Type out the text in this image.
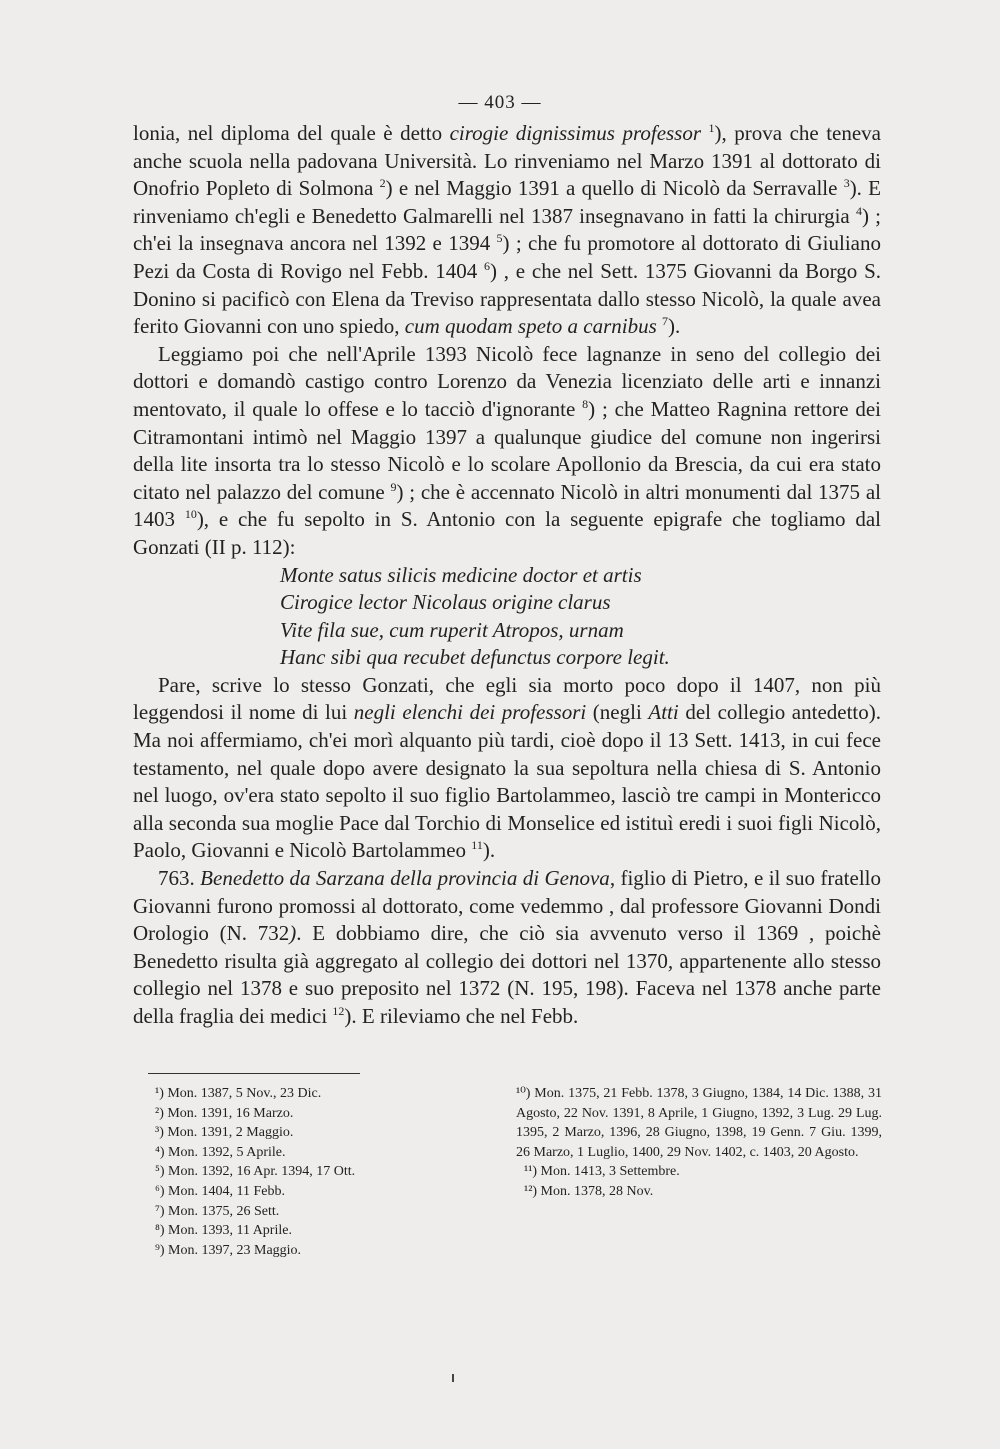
— 403 —

lonia, nel diploma del quale è detto cirogie dignissimus professor $^1$), prova che teneva anche scuola nella padovana Università. Lo rinveniamo nel Marzo 1391 al dottorato di Onofrio Popleto di Solmona $^2$) e nel Maggio 1391 a quello di Nicolò da Serravalle $^3$). E rinveniamo ch'egli e Benedetto Galmarelli nel 1387 insegnavano in fatti la chirurgia $^4$) ; ch'ei la insegnava ancora nel 1392 e 1394 $^5$) ; che fu promotore al dottorato di Giuliano Pezi da Costa di Rovigo nel Febb. 1404 $^6$) , e che nel Sett. 1375 Giovanni da Borgo S. Donino si pacificò con Elena da Treviso rappresentata dallo stesso Nicolò, la quale avea ferito Giovanni con uno spiedo, cum quodam speto a carnibus $^7$).

Leggiamo poi che nell'Aprile 1393 Nicolò fece lagnanze in seno del collegio dei dottori e domandò castigo contro Lorenzo da Venezia licenziato delle arti e innanzi mentovato, il quale lo offese e lo tacciò d'ignorante $^8$) ; che Matteo Ragnina rettore dei Citramontani intimò nel Maggio 1397 a qualunque giudice del comune non ingerirsi della lite insorta tra lo stesso Nicolò e lo scolare Apollonio da Brescia, da cui era stato citato nel palazzo del comune $^9$) ; che è accennato Nicolò in altri monumenti dal 1375 al 1403 $^{10}$), e che fu sepolto in S. Antonio con la seguente epigrafe che togliamo dal Gonzati (II p. 112):

Monte satus silicis medicine doctor et artis
Cirogice lector Nicolaus origine clarus
Vite fila sue, cum ruperit Atropos, urnam
Hanc sibi qua recubet defunctus corpore legit.

Pare, scrive lo stesso Gonzati, che egli sia morto poco dopo il 1407, non più leggendosi il nome di lui negli elenchi dei professori (negli Atti del collegio antedetto). Ma noi affermiamo, ch'ei morì alquanto più tardi, cioè dopo il 13 Sett. 1413, in cui fece testamento, nel quale dopo avere designato la sua sepoltura nella chiesa di S. Antonio nel luogo, ov'era stato sepolto il suo figlio Bartolammeo, lasciò tre campi in Montericco alla seconda sua moglie Pace dal Torchio di Monselice ed istituì eredi i suoi figli Nicolò, Paolo, Giovanni e Nicolò Bartolammeo $^{11}$).

763. Benedetto da Sarzana della provincia di Genova, figlio di Pietro, e il suo fratello Giovanni furono promossi al dottorato, come vedemmo , dal professore Giovanni Dondi Orologio (N. 732). E dobbiamo dire, che ciò sia avvenuto verso il 1369 , poichè Benedetto risulta già aggregato al collegio dei dottori nel 1370, appartenente allo stesso collegio nel 1378 e suo preposito nel 1372 (N. 195, 198). Faceva nel 1378 anche parte della fraglia dei medici $^{12}$). E rileviamo che nel Febb.

¹) Mon. 1387, 5 Nov., 23 Dic.
²) Mon. 1391, 16 Marzo.
³) Mon. 1391, 2 Maggio.
⁴) Mon. 1392, 5 Aprile.
⁵) Mon. 1392, 16 Apr. 1394, 17 Ott.
⁶) Mon. 1404, 11 Febb.
⁷) Mon. 1375, 26 Sett.
⁸) Mon. 1393, 11 Aprile.
⁹) Mon. 1397, 23 Maggio.
¹⁰) Mon. 1375, 21 Febb. 1378, 3 Giugno, 1384, 14 Dic. 1388, 31 Agosto, 22 Nov. 1391, 8 Aprile, 1 Giugno, 1392, 3 Lug. 29 Lug. 1395, 2 Marzo, 1396, 28 Giugno, 1398, 19 Genn. 7 Giu. 1399, 26 Marzo, 1 Luglio, 1400, 29 Nov. 1402, c. 1403, 20 Agosto.
¹¹) Mon. 1413, 3 Settembre.
¹²) Mon. 1378, 28 Nov.
